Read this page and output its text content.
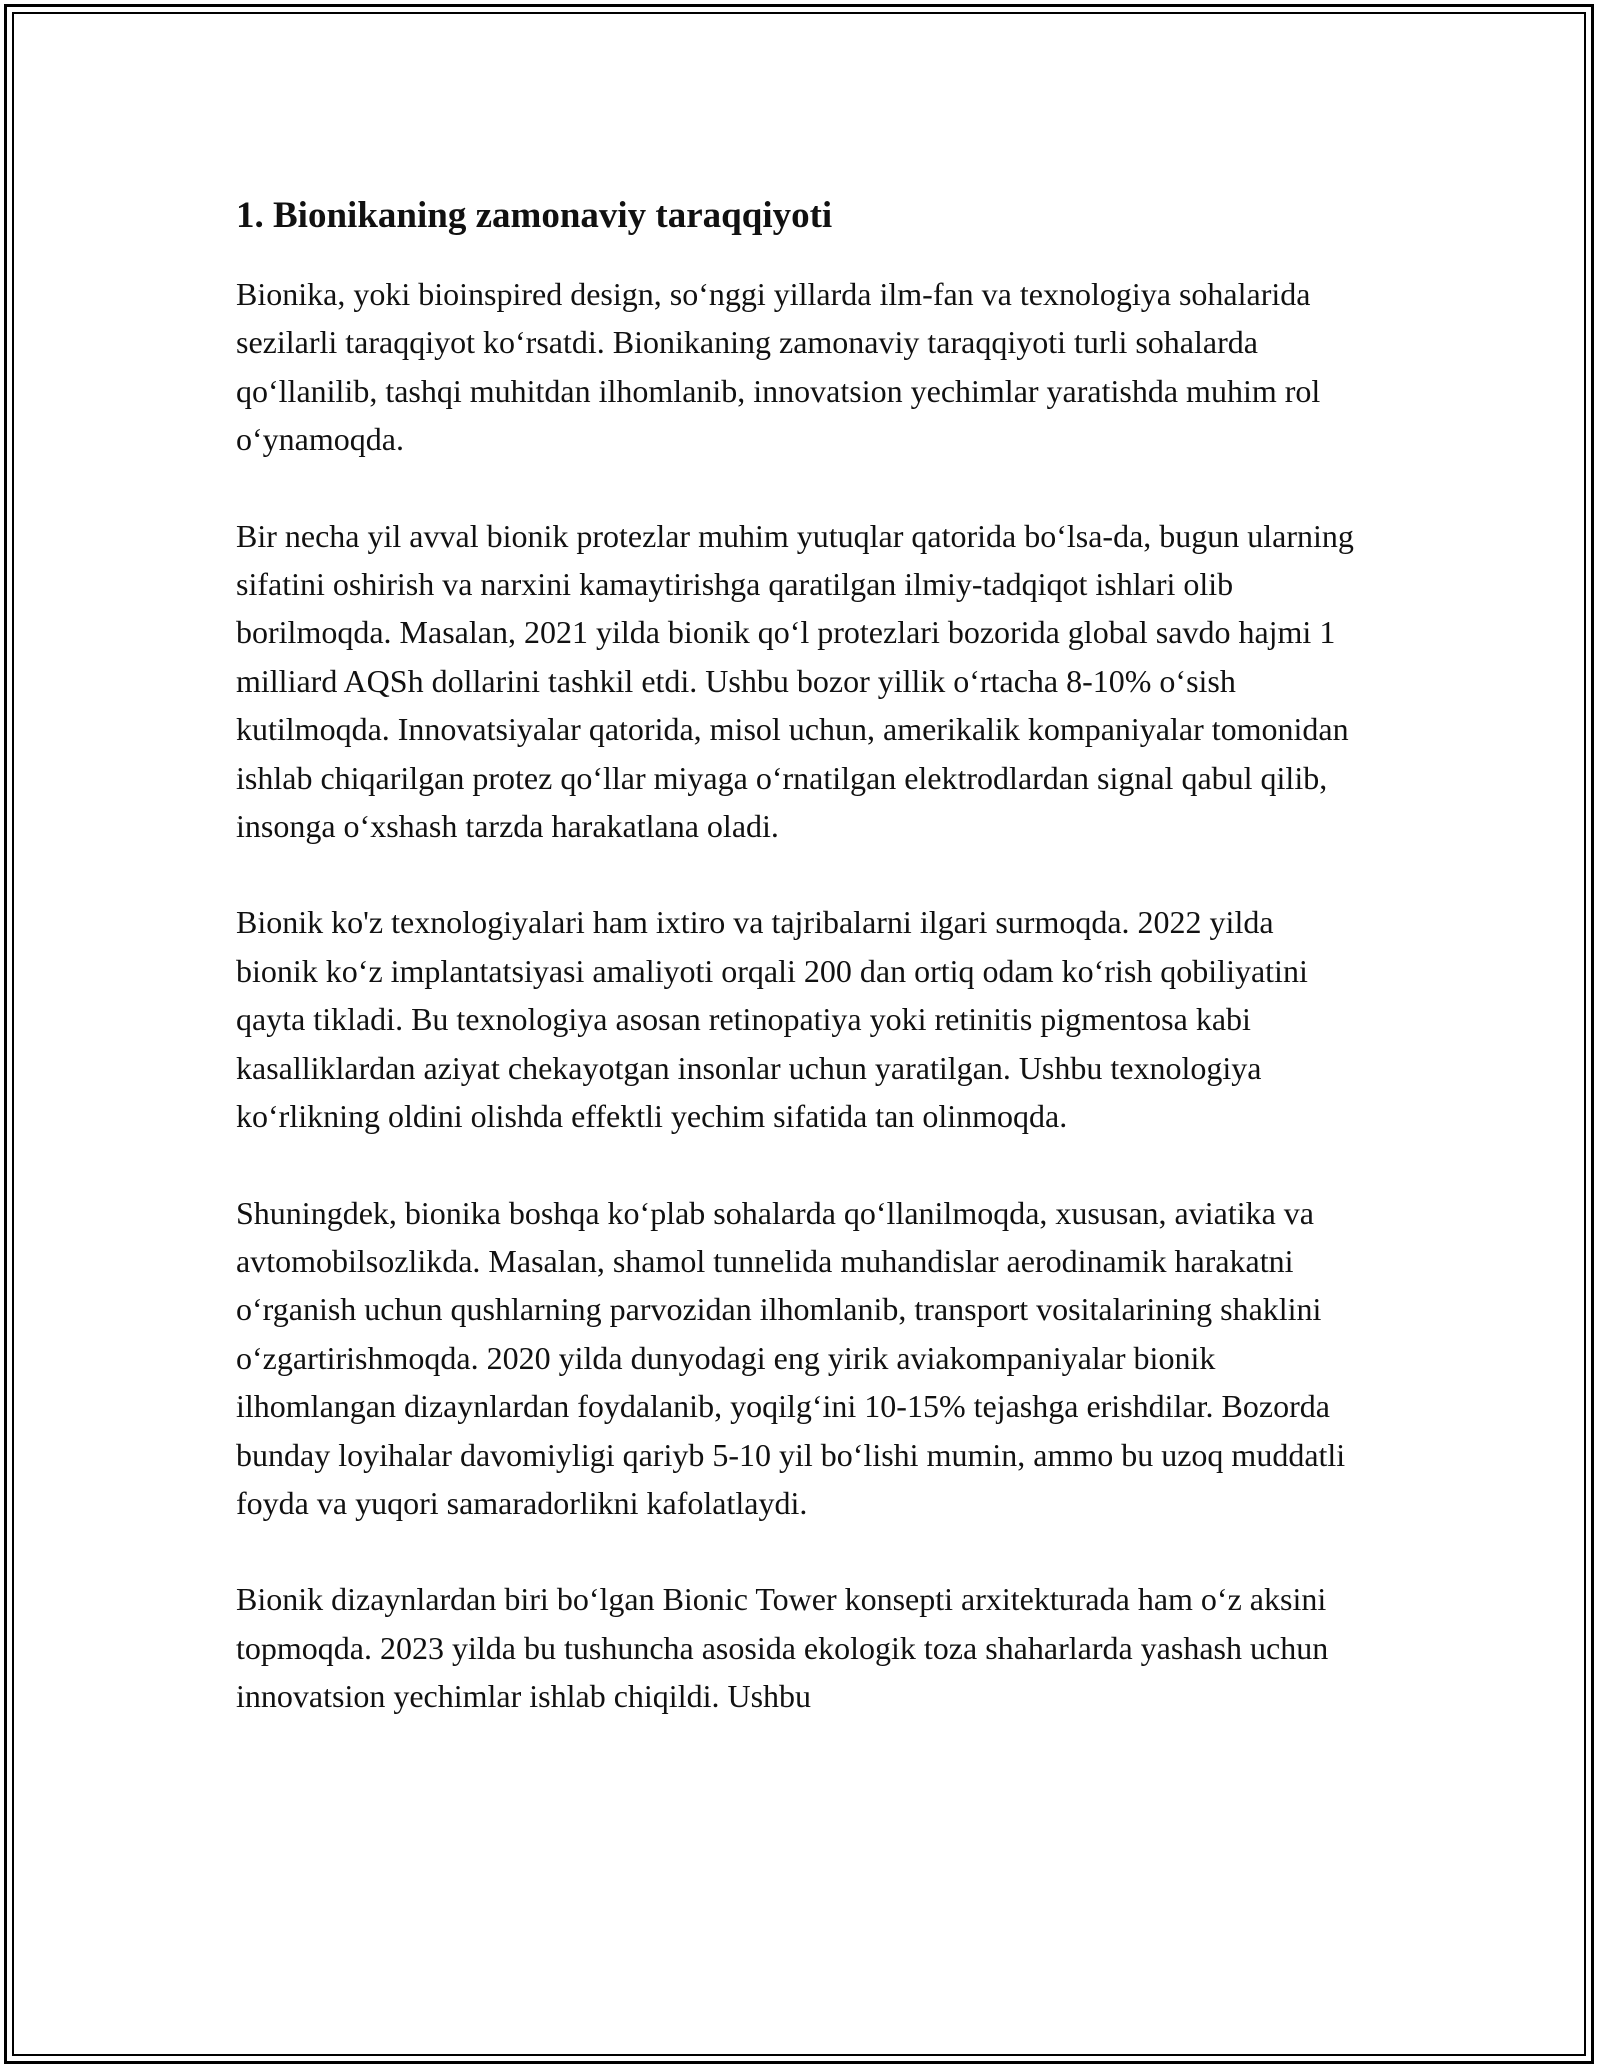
1. Bionikaning zamonaviy taraqqiyoti

Bionika, yoki bioinspired design, so‘nggi yillarda ilm-fan va texnologiya sohalarida sezilarli taraqqiyot ko‘rsatdi. Bionikaning zamonaviy taraqqiyoti turli sohalarda qo‘llanilib, tashqi muhitdan ilhomlanib, innovatsion yechimlar yaratishda muhim rol o‘ynamoqda.

Bir necha yil avval bionik protezlar muhim yutuqlar qatorida bo‘lsa-da, bugun ularning sifatini oshirish va narxini kamaytirishga qaratilgan ilmiy-tadqiqot ishlari olib borilmoqda. Masalan, 2021 yilda bionik qo‘l protezlari bozorida global savdo hajmi 1 milliard AQSh dollarini tashkil etdi. Ushbu bozor yillik o‘rtacha 8-10% o‘sish kutilmoqda. Innovatsiyalar qatorida, misol uchun, amerikalik kompaniyalar tomonidan ishlab chiqarilgan protez qo‘llar miyaga o‘rnatilgan elektrodlardan signal qabul qilib, insonga o‘xshash tarzda harakatlana oladi.

Bionik ko'z texnologiyalari ham ixtiro va tajribalarni ilgari surmoqda. 2022 yilda bionik ko‘z implantatsiyasi amaliyoti orqali 200 dan ortiq odam ko‘rish qobiliyatini qayta tikladi. Bu texnologiya asosan retinopatiya yoki retinitis pigmentosa kabi kasalliklardan aziyat chekayotgan insonlar uchun yaratilgan. Ushbu texnologiya ko‘rlikning oldini olishda effektli yechim sifatida tan olinmoqda.

Shuningdek, bionika boshqa ko‘plab sohalarda qo‘llanilmoqda, xususan, aviatika va avtomobilsozlikda. Masalan, shamol tunnelida muhandislar aerodinamik harakatni o‘rganish uchun qushlarning parvozidan ilhomlanib, transport vositalarining shaklini o‘zgartirishmoqda. 2020 yilda dunyodagi eng yirik aviakompaniyalar bionik ilhomlangan dizaynlardan foydalanib, yoqilg‘ini 10-15% tejashga erishdilar. Bozorda bunday loyihalar davomiyligi qariyb 5-10 yil bo‘lishi mumin, ammo bu uzoq muddatli foyda va yuqori samaradorlikni kafolatlaydi.

Bionik dizaynlardan biri bo‘lgan Bionic Tower konsepti arxitekturada ham o‘z aksini topmoqda. 2023 yilda bu tushuncha asosida ekologik toza shaharlarda yashash uchun innovatsion yechimlar ishlab chiqildi. Ushbu
